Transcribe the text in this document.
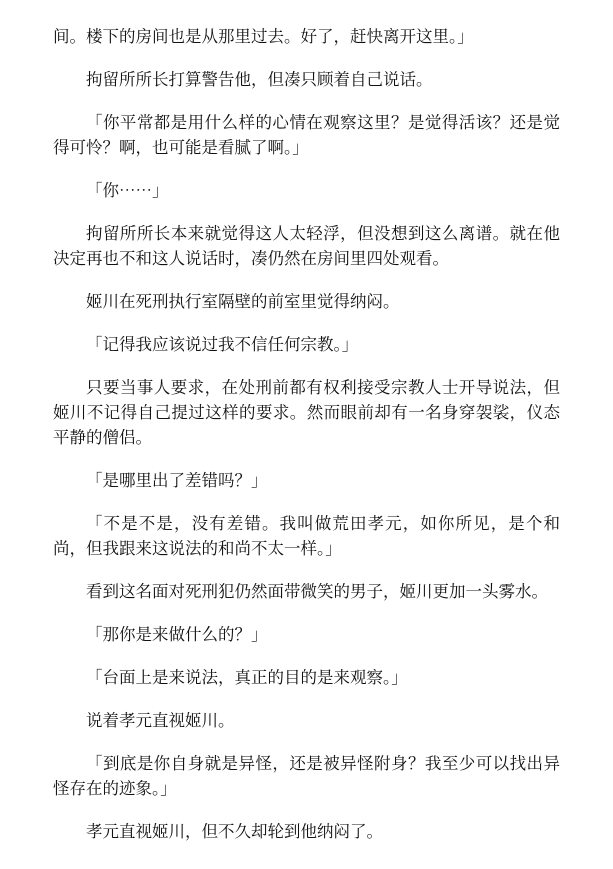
间。楼下的房间也是从那里过去。好了，赶快离开这里。」

拘留所所长打算警告他，但凑只顾着自己说话。

「你平常都是用什么样的心情在观察这里？是觉得活该？还是觉得可怜？啊，也可能是看腻了啊。」

「你⋯⋯」

拘留所所长本来就觉得这人太轻浮，但没想到这么离谱。就在他决定再也不和这人说话时，凑仍然在房间里四处观看。

姬川在死刑执行室隔壁的前室里觉得纳闷。

「记得我应该说过我不信任何宗教。」

只要当事人要求，在处刑前都有权利接受宗教人士开导说法，但姬川不记得自己提过这样的要求。然而眼前却有一名身穿袈裟，仪态平静的僧侣。

「是哪里出了差错吗？」

「不是不是，没有差错。我叫做荒田孝元，如你所见，是个和尚，但我跟来这说法的和尚不太一样。」

看到这名面对死刑犯仍然面带微笑的男子，姬川更加一头雾水。

「那你是来做什么的？」

「台面上是来说法，真正的目的是来观察。」

说着孝元直视姬川。

「到底是你自身就是异怪，还是被异怪附身？我至少可以找出异怪存在的迹象。」

孝元直视姬川，但不久却轮到他纳闷了。
